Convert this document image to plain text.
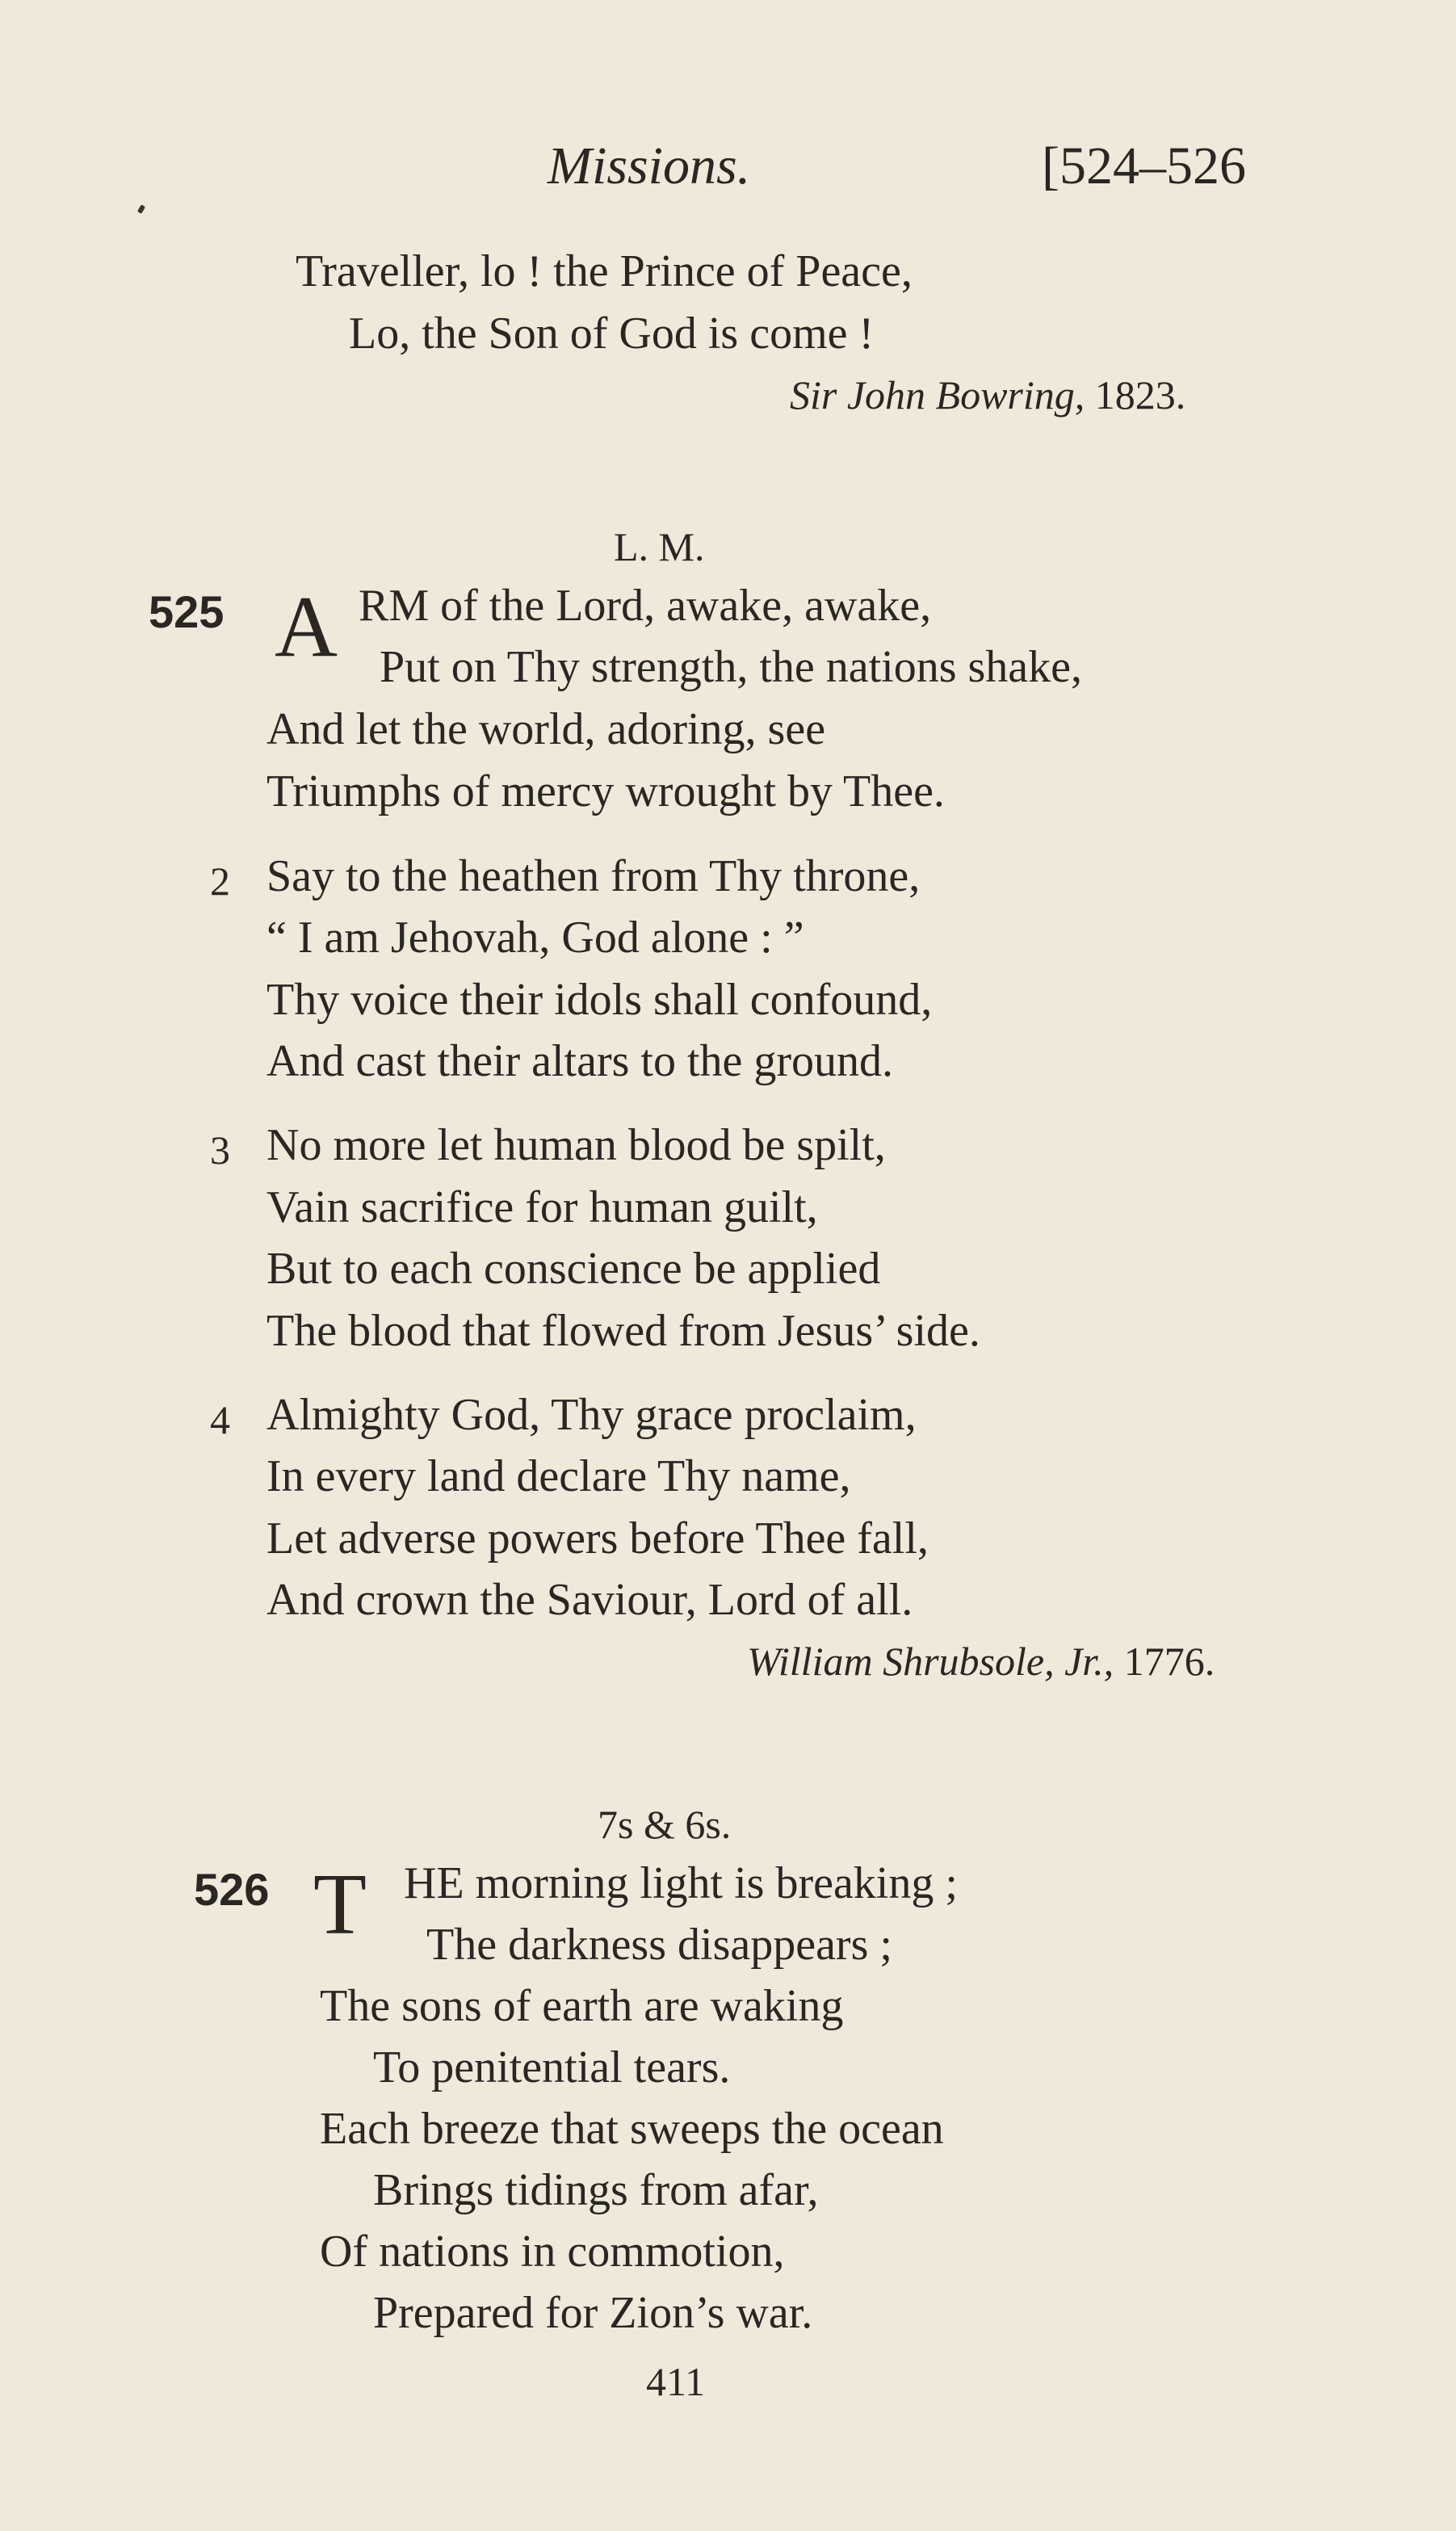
Missions.	[524–526
Traveller, lo ! the Prince of Peace,
Lo, the Son of God is come !
Sir John Bowring, 1823.
L. M.
525 A RM of the Lord, awake, awake,
Put on Thy strength, the nations shake,
And let the world, adoring, see
Triumphs of mercy wrought by Thee.
2 Say to the heathen from Thy throne,
“ I am Jehovah, God alone : ”
Thy voice their idols shall confound,
And cast their altars to the ground.
3 No more let human blood be spilt,
Vain sacrifice for human guilt,
But to each conscience be applied
The blood that flowed from Jesus’ side.
4 Almighty God, Thy grace proclaim,
In every land declare Thy name,
Let adverse powers before Thee fall,
And crown the Saviour, Lord of all.
William Shrubsole, Jr., 1776.
7s & 6s.
526 T HE morning light is breaking ;
The darkness disappears ;
The sons of earth are waking
To penitential tears.
Each breeze that sweeps the ocean
Brings tidings from afar,
Of nations in commotion,
Prepared for Zion’s war.
411
